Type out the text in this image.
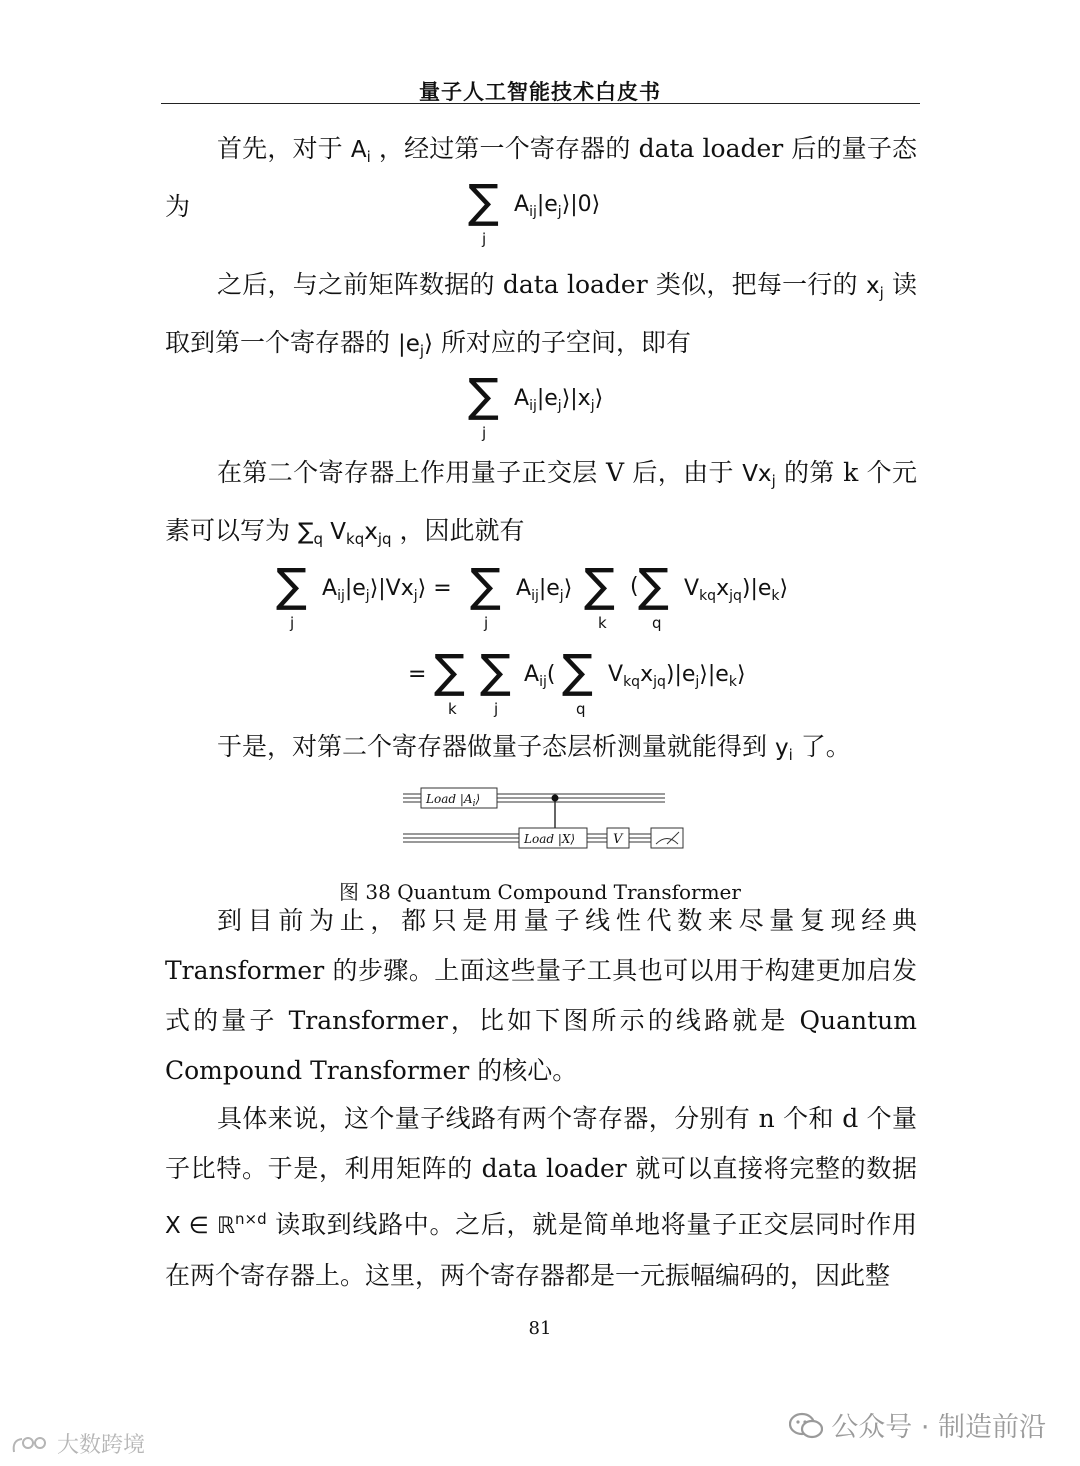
量子人工智能技术白皮书
首先，对于 $A_i$ ，经过第一个寄存器的 data loader 后的量子态为	∑
j
$A_{ij}|e_j⟩|0⟩$
之后，与之前矩阵数据的 data loader 类似，把每一行的 $x_j$ 读取到第一个寄存器的 $|e_j⟩$ 所对应的子空间，即有
∑
j
$A_{ij}|e_j⟩|x_j⟩$
在第二个寄存器上作用量子正交层 V 后，由于 $Vx_j$ 的第 k 个元素可以写为 $\sum_q$ $V_{kq}x_{jq}$ ，因此就有
∑
j
$A_{ij}|e_j⟩|Vx_j⟩$ = ∑
j
$A_{ij}|e_j⟩$ ∑
k
( ∑
q
$V_{kq}x_{jq})|e_k⟩$
= ∑
k
∑
j
$A_{ij}$( ∑
q
$V_{kq}x_{jq})|e_j⟩|e_k⟩$
于是，对第二个寄存器做量子态层析测量就能得到 $y_i$ 了。
Load $|A_i⟩$
Load |X⟩	V
图 38 Quantum Compound Transformer
到目前为止，都只是用量子线性代数来尽量复现经典 Transformer 的步骤。上面这些量子工具也可以用于构建更加启发式的量子 Transformer，比如下图所示的线路就是 Quantum Compound Transformer 的核心。
具体来说，这个量子线路有两个寄存器，分别有 n 个和 d 个量子比特。于是，利用矩阵的 data loader 就可以直接将完整的数据 X ∈ ℝ$^{n\times d}$ 读取到线路中。之后，就是简单地将量子正交层同时作用在两个寄存器上。这里，两个寄存器都是一元振幅编码的，因此整
81
公众号 · 制造前沿
大数跨境
